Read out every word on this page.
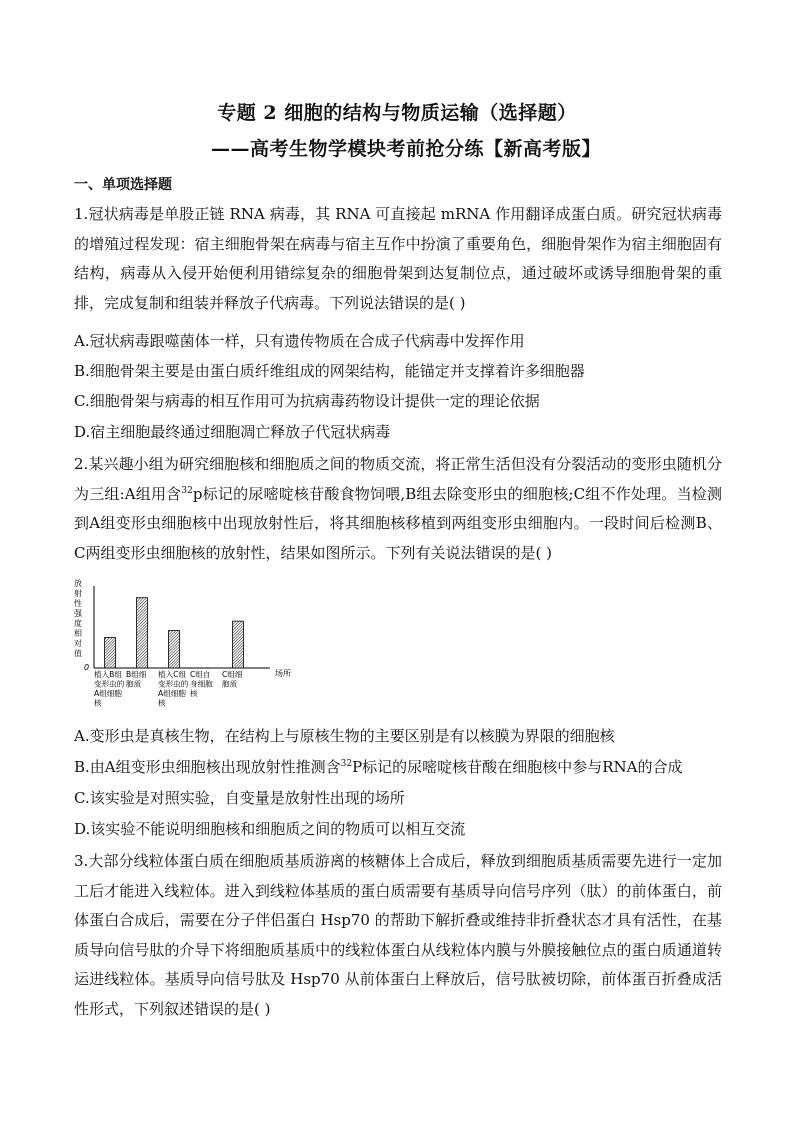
专题 2 细胞的结构与物质运输（选择题）
——高考生物学模块考前抢分练【新高考版】
一、单项选择题

1.冠状病毒是单股正链 RNA 病毒，其 RNA 可直接起 mRNA 作用翻译成蛋白质。研究冠状病毒的增殖过程发现：宿主细胞骨架在病毒与宿主互作中扮演了重要角色，细胞骨架作为宿主细胞固有结构，病毒从入侵开始便利用错综复杂的细胞骨架到达复制位点，通过破坏或诱导细胞骨架的重排，完成复制和组装并释放子代病毒。下列说法错误的是( )

A.冠状病毒跟噬菌体一样，只有遗传物质在合成子代病毒中发挥作用

B.细胞骨架主要是由蛋白质纤维组成的网架结构，能锚定并支撑着许多细胞器

C.细胞骨架与病毒的相互作用可为抗病毒药物设计提供一定的理论依据

D.宿主细胞最终通过细胞凋亡释放子代冠状病毒

2.某兴趣小组为研究细胞核和细胞质之间的物质交流，将正常生活但没有分裂活动的变形虫随机分为三组:A组用含$^{32}$p标记的尿嘧啶核苷酸食物饲喂,B组去除变形虫的细胞核;C组不作处理。当检测到A组变形虫细胞核中出现放射性后，将其细胞核移植到两组变形虫细胞内。一段时间后检测B、C两组变形虫细胞核的放射性，结果如图所示。下列有关说法错误的是( )

放
射
性
强
度
相
对
值
0
场所
植入B组
变形虫的
A组细胞
核
B组细
胞质
植入C组
变形虫的
A组细胞
核
C组自
身细胞
核
C组细
胞质

A.变形虫是真核生物，在结构上与原核生物的主要区别是有以核膜为界限的细胞核

B.由A组变形虫细胞核出现放射性推测含$^{32}$P标记的尿嘧啶核苷酸在细胞核中参与RNA的合成

C.该实验是对照实验，自变量是放射性出现的场所

D.该实验不能说明细胞核和细胞质之间的物质可以相互交流

3.大部分线粒体蛋白质在细胞质基质游离的核糖体上合成后，释放到细胞质基质需要先进行一定加工后才能进入线粒体。进入到线粒体基质的蛋白质需要有基质导向信号序列（肽）的前体蛋白，前体蛋白合成后，需要在分子伴侣蛋白 Hsp70 的帮助下解折叠或维持非折叠状态才具有活性，在基质导向信号肽的介导下将细胞质基质中的线粒体蛋白从线粒体内膜与外膜接触位点的蛋白质通道转运进线粒体。基质导向信号肽及 Hsp70 从前体蛋白上释放后，信号肽被切除，前体蛋百折叠成活性形式，下列叙述错误的是( )
